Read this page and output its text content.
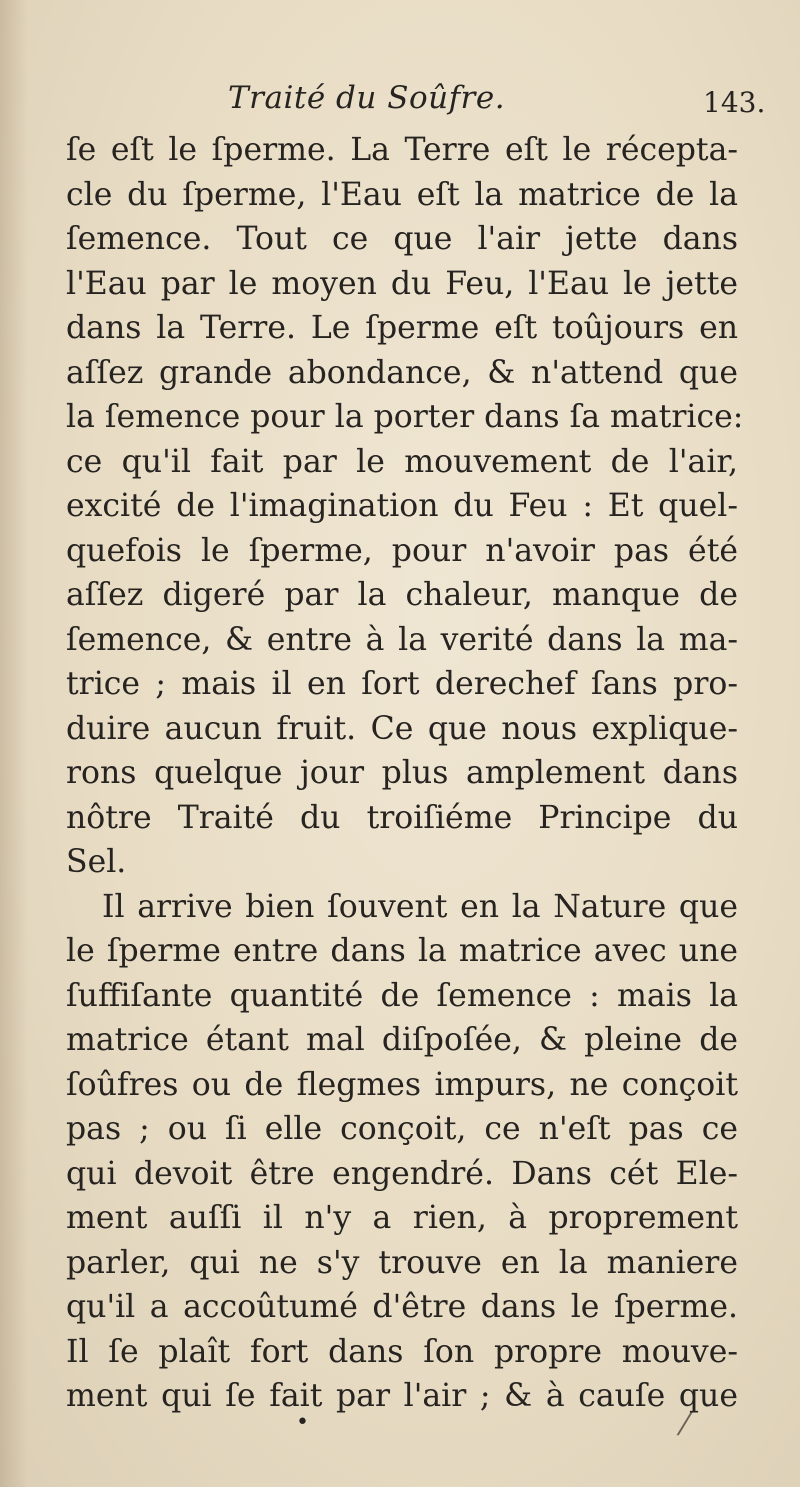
Traité du Soûfre.	143.
ſe eſt le ſperme. La Terre eſt le récepta-
cle du ſperme, l'Eau eſt la matrice de la
ſemence. Tout ce que l'air jette dans
l'Eau par le moyen du Feu, l'Eau le jette
dans la Terre. Le ſperme eſt toûjours en
aſſez grande abondance, & n'attend que
la ſemence pour la porter dans ſa matrice:
ce qu'il fait par le mouvement de l'air,
excité de l'imagination du Feu : Et quel-
quefois le ſperme, pour n'avoir pas été
aſſez digeré par la chaleur, manque de
ſemence, & entre à la verité dans la ma-
trice ; mais il en ſort derechef ſans pro-
duire aucun fruit. Ce que nous explique-
rons quelque jour plus amplement dans
nôtre Traité du troiſiéme Principe du
Sel.
Il arrive bien ſouvent en la Nature que
le ſperme entre dans la matrice avec une
ſuffiſante quantité de ſemence : mais la
matrice étant mal diſpoſée, & pleine de
ſoûfres ou de flegmes impurs, ne conçoit
pas ; ou ſi elle conçoit, ce n'eſt pas ce
qui devoit être engendré. Dans cét Ele-
ment auſſi il n'y a rien, à proprement
parler, qui ne s'y trouve en la maniere
qu'il a accoûtumé d'être dans le ſperme.
Il ſe plaît fort dans ſon propre mouve-
ment qui ſe fait par l'air ; & à cauſe que
•	⁄
